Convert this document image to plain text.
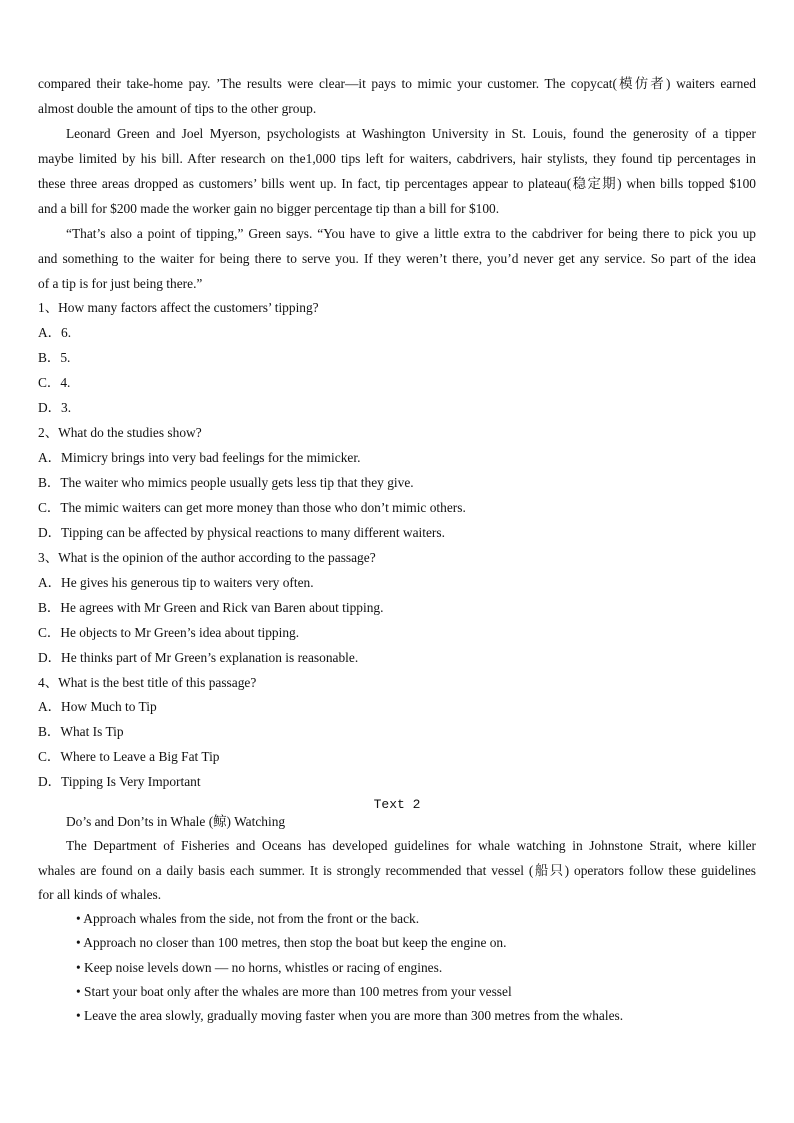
compared their take-home pay. ’The results were clear—it pays to mimic your customer. The copycat(模仿者) waiters earned
almost double the amount of tips to the other group.
Leonard Green and Joel Myerson, psychologists at Washington University in St. Louis, found the generosity of a tipper
maybe limited by his bill. After research on the1,000 tips left for waiters, cabdrivers, hair stylists, they found tip percentages in
these three areas dropped as customers’ bills went up. In fact, tip percentages appear to plateau(稳定期) when bills topped $100
and a bill for $200 made the worker gain no bigger percentage tip than a bill for $100.
“That’s also a point of tipping,” Green says. “You have to give a little extra to the cabdriver for being there to pick you up
and something to the waiter for being there to serve you. If they weren’t there, you’d never get any service. So part of the idea
of a tip is for just being there.”
1、How many factors affect the customers’ tipping?
A．6.
B．5.
C．4.
D．3.
2、What do the studies show?
A．Mimicry brings into very bad feelings for the mimicker.
B．The waiter who mimics people usually gets less tip that they give.
C．The mimic waiters can get more money than those who don’t mimic others.
D．Tipping can be affected by physical reactions to many different waiters.
3、What is the opinion of the author according to the passage?
A．He gives his generous tip to waiters very often.
B．He agrees with Mr Green and Rick van Baren about tipping.
C．He objects to Mr Green’s idea about tipping.
D．He thinks part of Mr Green’s explanation is reasonable.
4、What is the best title of this passage?
A．How Much to Tip
B．What Is Tip
C．Where to Leave a Big Fat Tip
D．Tipping Is Very Important
Text 2
Do’s and Don’ts in Whale (鲸) Watching
The Department of Fisheries and Oceans has developed guidelines for whale watching in Johnstone Strait, where killer
whales are found on a daily basis each summer. It is strongly recommended that vessel (船只) operators follow these guidelines
for all kinds of whales.
• Approach whales from the side, not from the front or the back.
• Approach no closer than 100 metres, then stop the boat but keep the engine on.
• Keep noise levels down — no horns, whistles or racing of engines.
• Start your boat only after the whales are more than 100 metres from your vessel
• Leave the area slowly, gradually moving faster when you are more than 300 metres from the whales.
